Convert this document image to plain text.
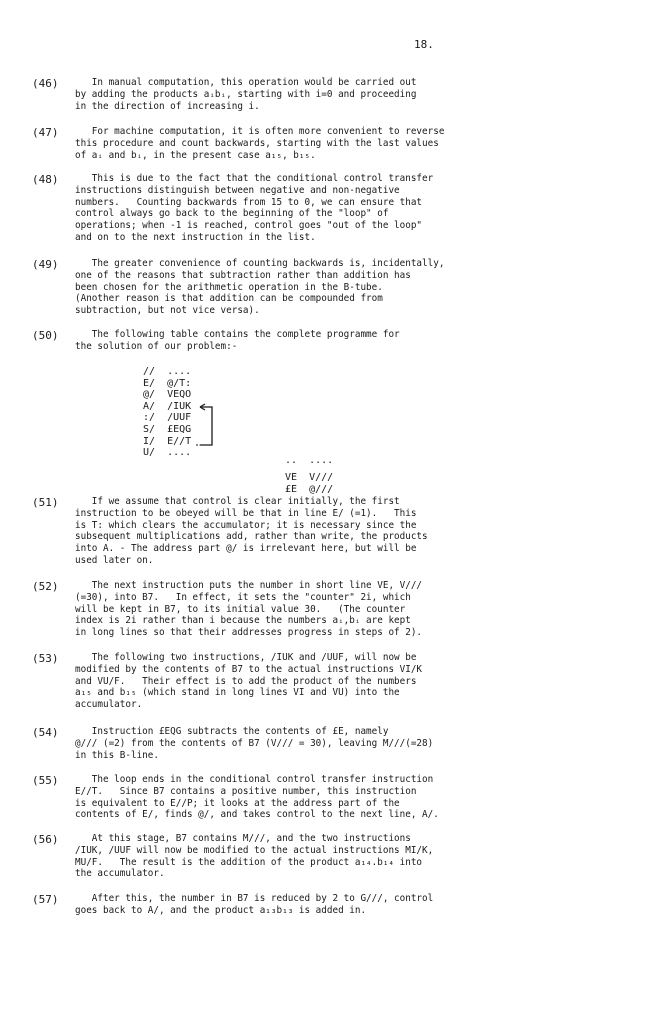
18.
(46) In manual computation, this operation would be carried out
by adding the products aᵢbᵢ, starting with i=0 and proceeding
in the direction of increasing i.
(47) For machine computation, it is often more convenient to reverse
this procedure and count backwards, starting with the last values
of aᵢ and bᵢ, in the present case a₁₅, b₁₅.
(48) This is due to the fact that the conditional control transfer
instructions distinguish between negative and non-negative
numbers.   Counting backwards from 15 to 0, we can ensure that
control always go back to the beginning of the "loop" of
operations; when -1 is reached, control goes "out of the loop"
and on to the next instruction in the list.
(49) The greater convenience of counting backwards is, incidentally,
one of the reasons that subtraction rather than addition has
been chosen for the arithmetic operation in the B-tube.
(Another reason is that addition can be compounded from
subtraction, but not vice versa).
(50) The following table contains the complete programme for
the solution of our problem:-
// ....
E/ @/T:
@/ VEQO
A/ /IUK
:/ /UUF
S/ £EQG
I/ E//T
U/ ....
.. ....
VE V///
£E @///
(51) If we assume that control is clear initially, the first
instruction to be obeyed will be that in line E/ (=1).   This
is T: which clears the accumulator; it is necessary since the
subsequent multiplications add, rather than write, the products
into A. - The address part @/ is irrelevant here, but will be
used later on.
(52) The next instruction puts the number in short line VE, V///
(=30), into B7.   In effect, it sets the "counter" 2i, which
will be kept in B7, to its initial value 30.   (The counter
index is 2i rather than i because the numbers aᵢ,bᵢ are kept
in long lines so that their addresses progress in steps of 2).
(53) The following two instructions, /IUK and /UUF, will now be
modified by the contents of B7 to the actual instructions VI/K
and VU/F.   Their effect is to add the product of the numbers
a₁₅ and b₁₅ (which stand in long lines VI and VU) into the
accumulator.
(54) Instruction £EQG subtracts the contents of £E, namely
@/// (=2) from the contents of B7 (V/// = 30), leaving M///(=28)
in this B-line.
(55) The loop ends in the conditional control transfer instruction
E//T.   Since B7 contains a positive number, this instruction
is equivalent to E//P; it looks at the address part of the
contents of E/, finds @/, and takes control to the next line, A/.
(56) At this stage, B7 contains M///, and the two instructions
/IUK, /UUF will now be modified to the actual instructions MI/K,
MU/F.   The result is the addition of the product a₁₄.b₁₄ into
the accumulator.
(57) After this, the number in B7 is reduced by 2 to G///, control
goes back to A/, and the product a₁₃b₁₃ is added in.
